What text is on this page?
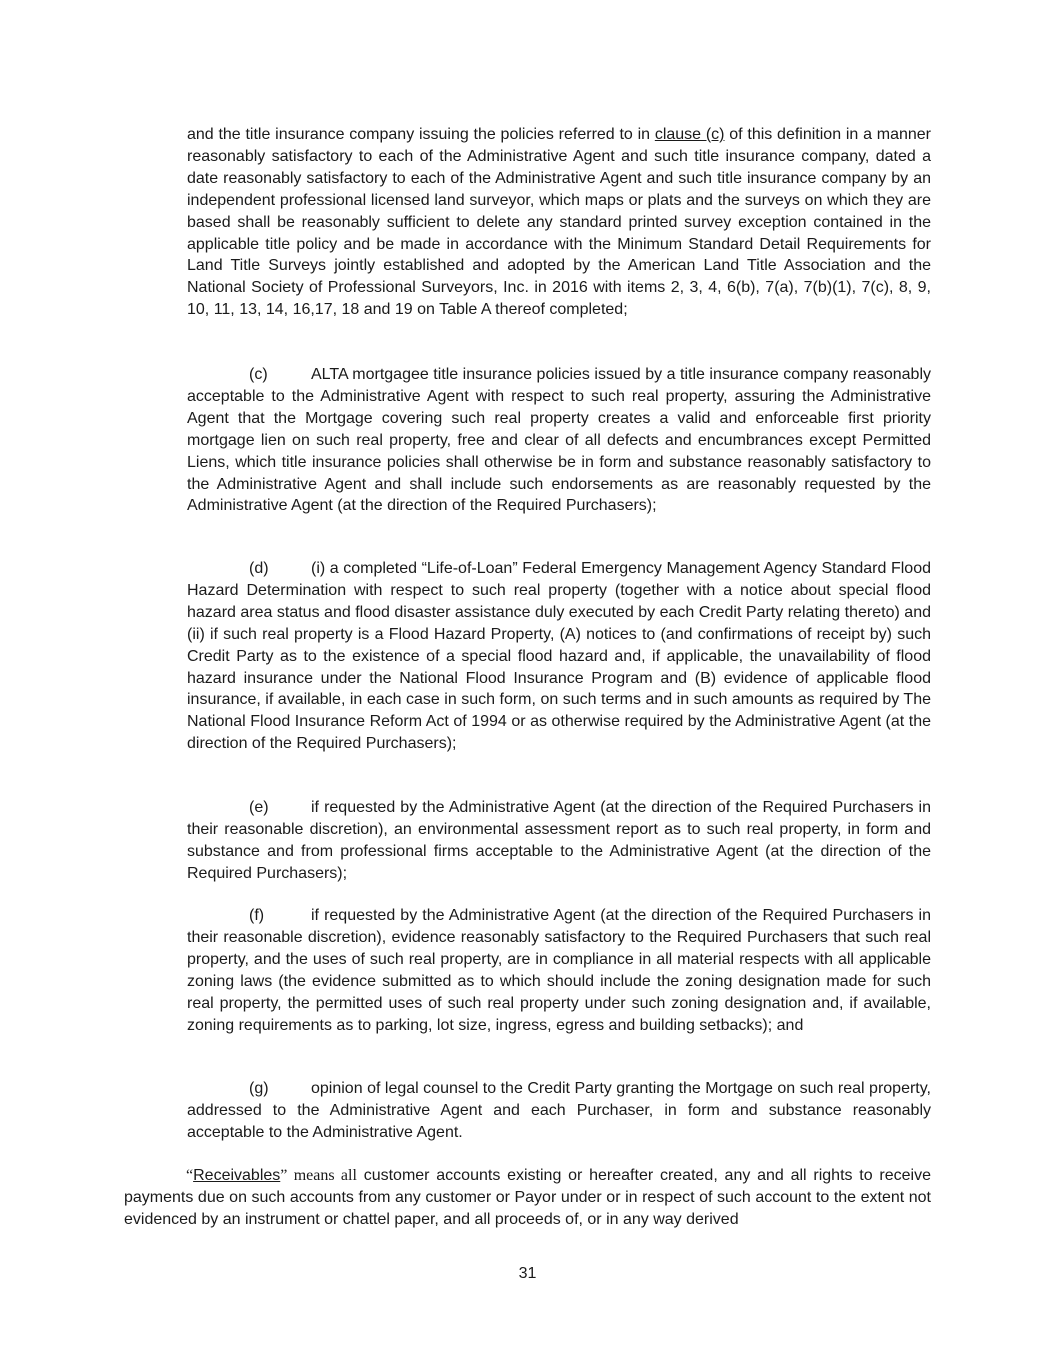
and the title insurance company issuing the policies referred to in clause (c) of this definition in a manner reasonably satisfactory to each of the Administrative Agent and such title insurance company, dated a date reasonably satisfactory to each of the Administrative Agent and such title insurance company by an independent professional licensed land surveyor, which maps or plats and the surveys on which they are based shall be reasonably sufficient to delete any standard printed survey exception contained in the applicable title policy and be made in accordance with the Minimum Standard Detail Requirements for Land Title Surveys jointly established and adopted by the American Land Title Association and the National Society of Professional Surveyors, Inc. in 2016 with items 2, 3, 4, 6(b), 7(a), 7(b)(1), 7(c), 8, 9, 10, 11, 13, 14, 16,17, 18 and 19 on Table A thereof completed;

(c)	ALTA mortgagee title insurance policies issued by a title insurance company reasonably acceptable to the Administrative Agent with respect to such real property, assuring the Administrative Agent that the Mortgage covering such real property creates a valid and enforceable first priority mortgage lien on such real property, free and clear of all defects and encumbrances except Permitted Liens, which title insurance policies shall otherwise be in form and substance reasonably satisfactory to the Administrative Agent and shall include such endorsements as are reasonably requested by the Administrative Agent (at the direction of the Required Purchasers);

(d)	(i) a completed “Life-of-Loan” Federal Emergency Management Agency Standard Flood Hazard Determination with respect to such real property (together with a notice about special flood hazard area status and flood disaster assistance duly executed by each Credit Party relating thereto) and (ii) if such real property is a Flood Hazard Property, (A) notices to (and confirmations of receipt by) such Credit Party as to the existence of a special flood hazard and, if applicable, the unavailability of flood hazard insurance under the National Flood Insurance Program and (B) evidence of applicable flood insurance, if available, in each case in such form, on such terms and in such amounts as required by The National Flood Insurance Reform Act of 1994 or as otherwise required by the Administrative Agent (at the direction of the Required Purchasers);

(e)	if requested by the Administrative Agent (at the direction of the Required Purchasers in their reasonable discretion), an environmental assessment report as to such real property, in form and substance and from professional firms acceptable to the Administrative Agent (at the direction of the Required Purchasers);

(f)	if requested by the Administrative Agent (at the direction of the Required Purchasers in their reasonable discretion), evidence reasonably satisfactory to the Required Purchasers that such real property, and the uses of such real property, are in compliance in all material respects with all applicable zoning laws (the evidence submitted as to which should include the zoning designation made for such real property, the permitted uses of such real property under such zoning designation and, if available, zoning requirements as to parking, lot size, ingress, egress and building setbacks); and

(g)	opinion of legal counsel to the Credit Party granting the Mortgage on such real property, addressed to the Administrative Agent and each Purchaser, in form and substance reasonably acceptable to the Administrative Agent.

“Receivables” means all customer accounts existing or hereafter created, any and all rights to receive payments due on such accounts from any customer or Payor under or in respect of such account to the extent not evidenced by an instrument or chattel paper, and all proceeds of, or in any way derived

31
